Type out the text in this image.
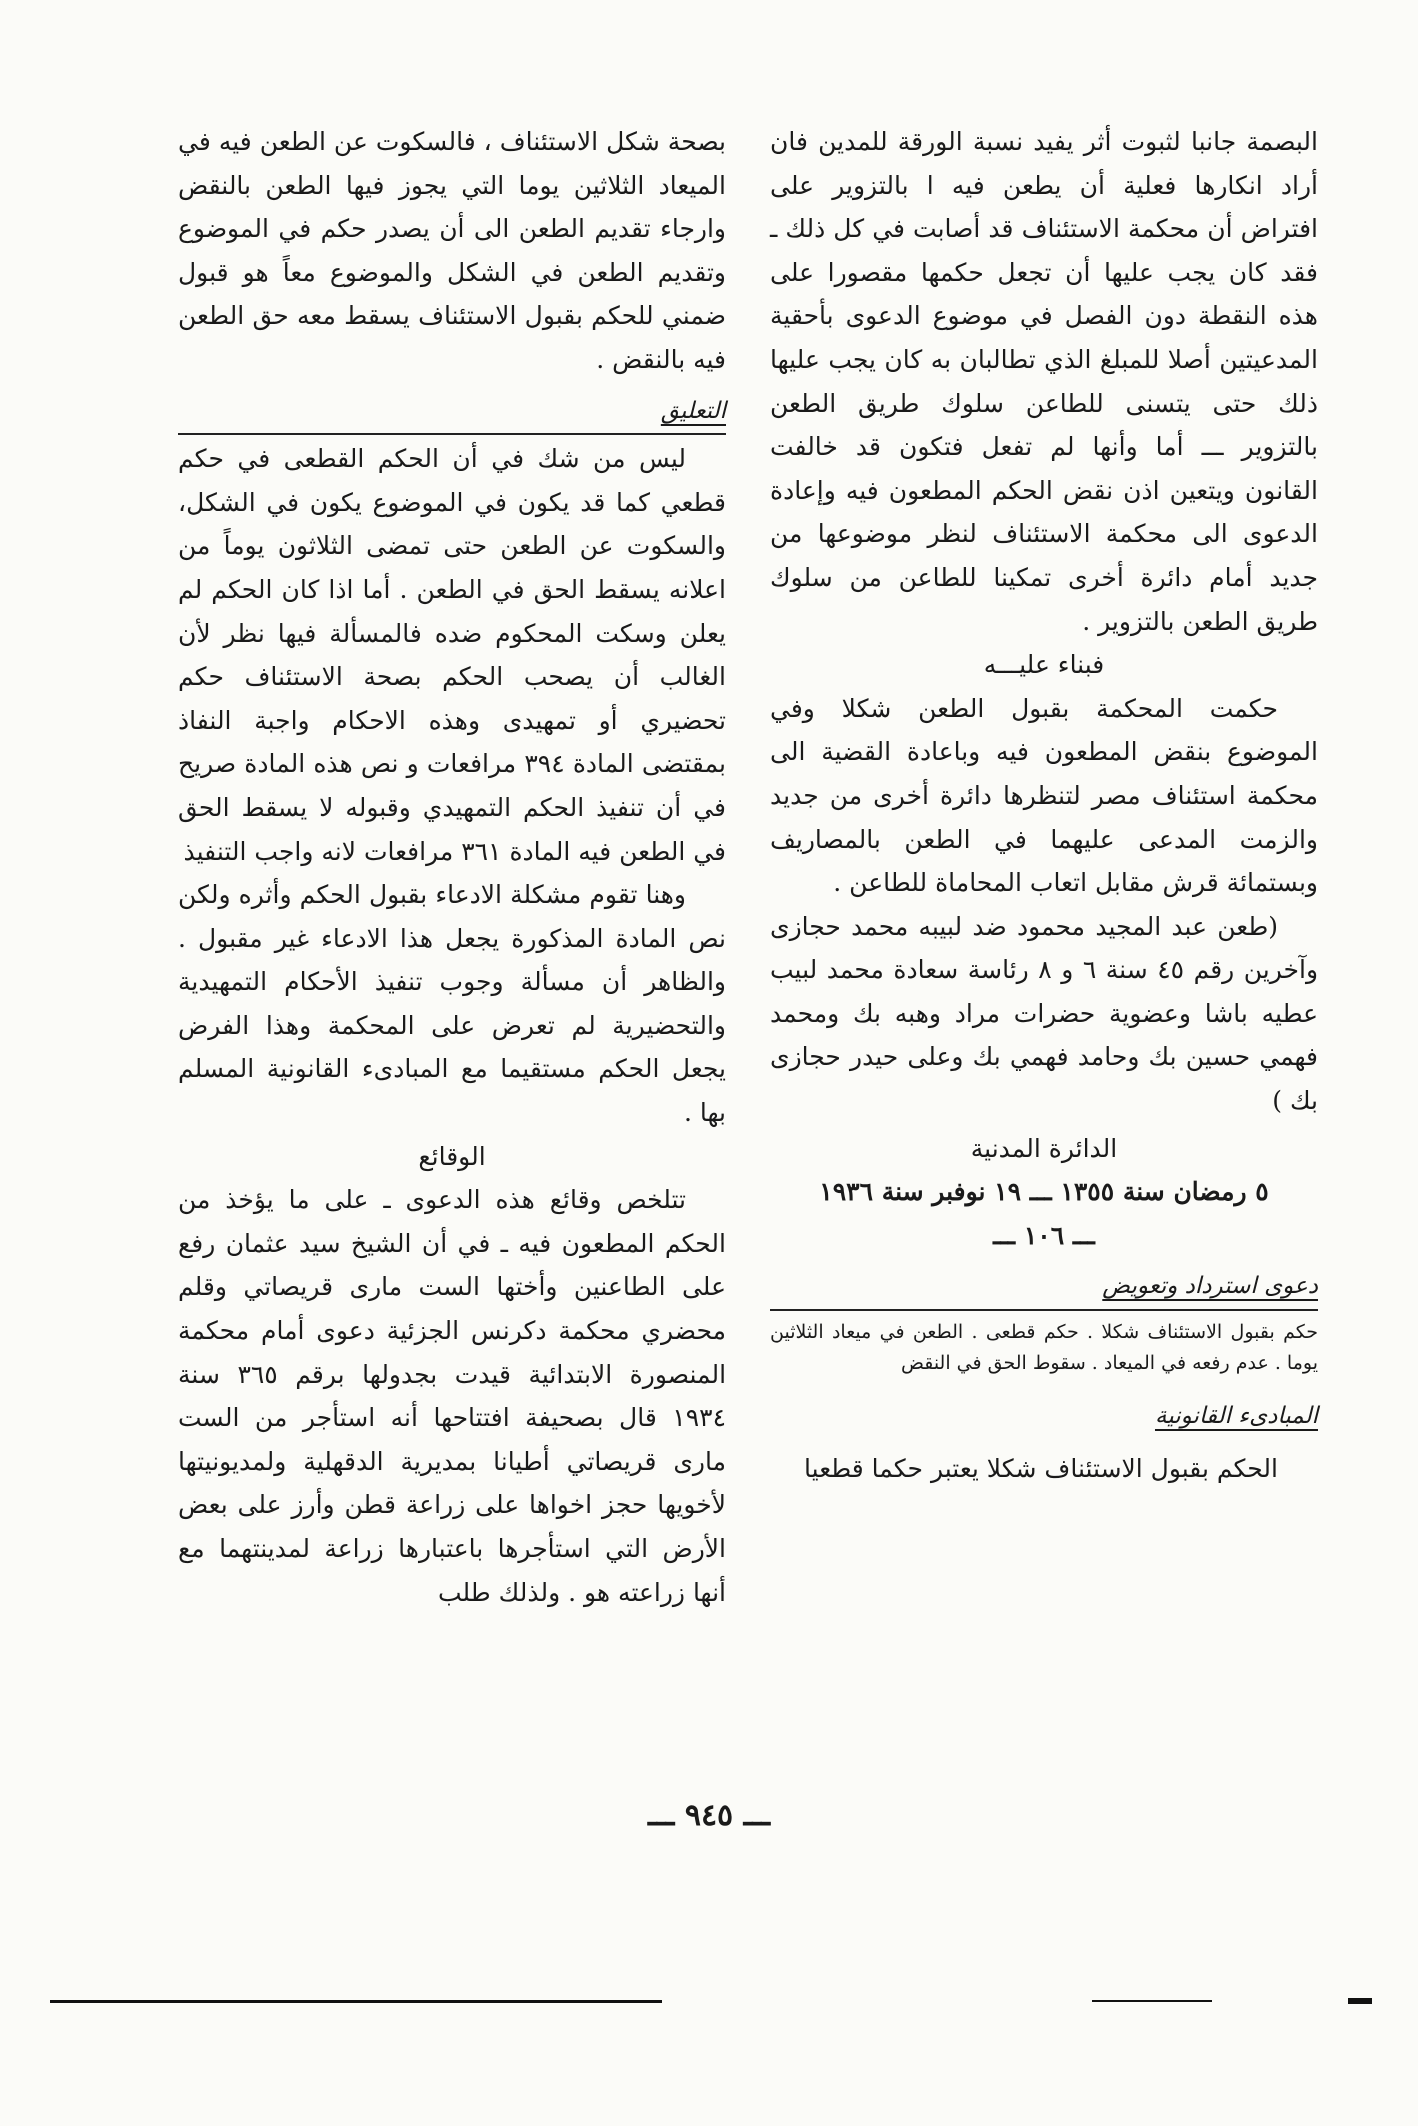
البصمة جانبا لثبوت أثر يفيد نسبة الورقة للمدين فان أراد انكارها فعلية أن يطعن فيه ا بالتزوير على افتراض أن محكمة الاستئناف قد أصابت في كل ذلك ـ فقد كان يجب عليها أن تجعل حكمها مقصورا على هذه النقطة دون الفصل في موضوع الدعوى بأحقية المدعيتين أصلا للمبلغ الذي تطالبان به كان يجب عليها ذلك حتى يتسنى للطاعن سلوك طريق الطعن بالتزوير ـــ أما وأنها لم تفعل فتكون قد خالفت القانون ويتعين اذن نقض الحكم المطعون فيه وإعادة الدعوى الى محكمة الاستئناف لنظر موضوعها من جديد أمام دائرة أخرى تمكينا للطاعن من سلوك طريق الطعن بالتزوير .

فبناء عليـــه

حكمت المحكمة بقبول الطعن شكلا وفي الموضوع بنقض المطعون فيه وباعادة القضية الى محكمة استئناف مصر لتنظرها دائرة أخرى من جديد والزمت المدعى عليهما في الطعن بالمصاريف وبستمائة قرش مقابل اتعاب المحاماة للطاعن .

(طعن عبد المجيد محمود ضد لبيبه محمد حجازى وآخرين رقم ٤٥ سنة ٦ و ٨ رئاسة سعادة محمد لبيب عطيه باشا وعضوية حضرات مراد وهبه بك ومحمد فهمي حسين بك وحامد فهمي بك وعلى حيدر حجازى بك )

الدائرة المدنية

٥ رمضان سنة ١٣٥٥ ـــ ١٩ نوفبر سنة ١٩٣٦

ـــ ١٠٦ ـــ

دعوى استرداد وتعويض

حكم بقبول الاستئناف شكلا . حكم قطعى . الطعن في ميعاد الثلاثين يوما . عدم رفعه في الميعاد . سقوط الحق في النقض

المبادىء القانونية

الحكم بقبول الاستئناف شكلا يعتبر حكما قطعيا

بصحة شكل الاستئناف ، فالسكوت عن الطعن فيه في الميعاد الثلاثين يوما التي يجوز فيها الطعن بالنقض وارجاء تقديم الطعن الى أن يصدر حكم في الموضوع وتقديم الطعن في الشكل والموضوع معاً هو قبول ضمني للحكم بقبول الاستئناف يسقط معه حق الطعن فيه بالنقض .

التعليق

ليس من شك في أن الحكم القطعى في حكم قطعي كما قد يكون في الموضوع يكون في الشكل، والسكوت عن الطعن حتى تمضى الثلاثون يوماً من اعلانه يسقط الحق في الطعن . أما اذا كان الحكم لم يعلن وسكت المحكوم ضده فالمسألة فيها نظر لأن الغالب أن يصحب الحكم بصحة الاستئناف حكم تحضيري أو تمهيدى وهذه الاحكام واجبة النفاذ بمقتضى المادة ٣٩٤ مرافعات و نص هذه المادة صريح في أن تنفيذ الحكم التمهيدي وقبوله لا يسقط الحق في الطعن فيه المادة ٣٦١ مرافعات لانه واجب التنفيذ

وهنا تقوم مشكلة الادعاء بقبول الحكم وأثره ولكن نص المادة المذكورة يجعل هذا الادعاء غير مقبول . والظاهر أن مسألة وجوب تنفيذ الأحكام التمهيدية والتحضيرية لم تعرض على المحكمة وهذا الفرض يجعل الحكم مستقيما مع المبادىء القانونية المسلم بها .

الوقائع

تتلخص وقائع هذه الدعوى ـ على ما يؤخذ من الحكم المطعون فيه ـ في أن الشيخ سيد عثمان رفع على الطاعنين وأختها الست مارى قريصاتي وقلم محضري محكمة دكرنس الجزئية دعوى أمام محكمة المنصورة الابتدائية قيدت بجدولها برقم ٣٦٥ سنة ١٩٣٤ قال بصحيفة افتتاحها أنه استأجر من الست مارى قريصاتي أطيانا بمديرية الدقهلية ولمديونيتها لأخويها حجز اخواها على زراعة قطن وأرز على بعض الأرض التي استأجرها باعتبارها زراعة لمدينتهما مع أنها زراعته هو . ولذلك طلب

ـــ ٩٤٥ ـــ
